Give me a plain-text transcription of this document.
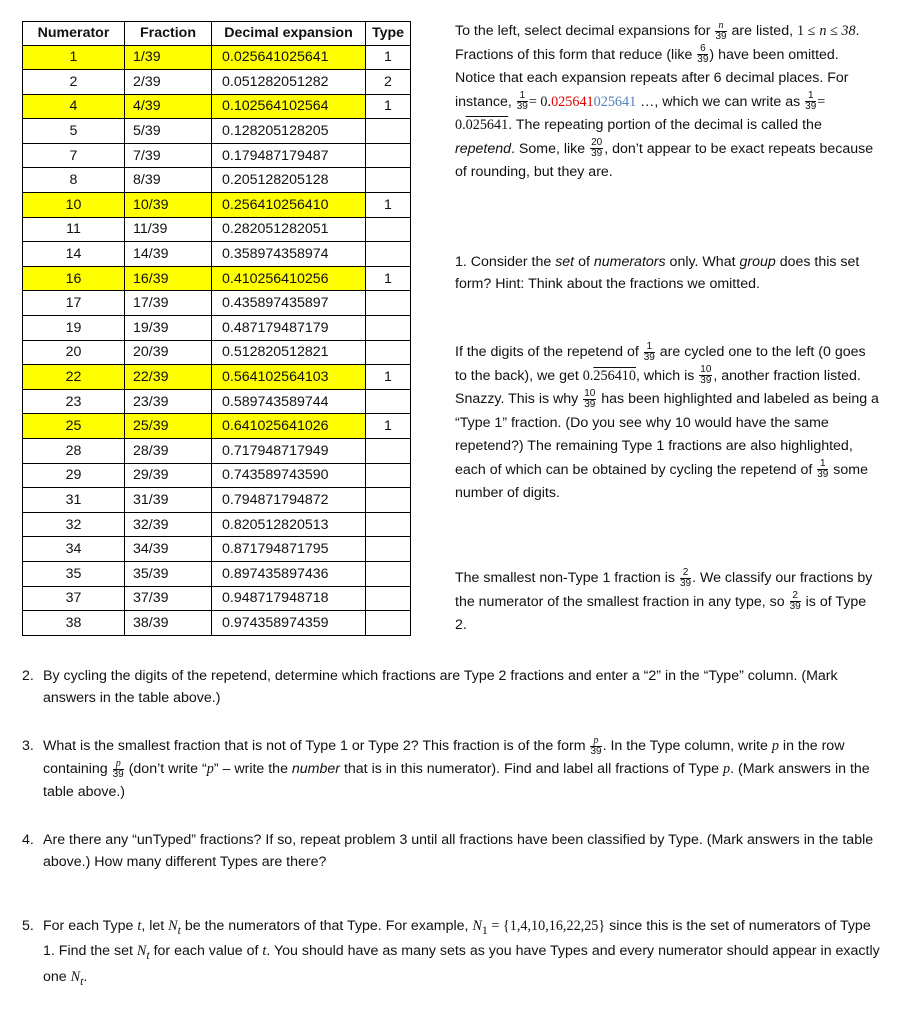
Numerator	Fraction	Decimal expansion	Type
1	1/39	0.025641025641	1
2	2/39	0.051282051282	2
4	4/39	0.102564102564	1
5	5/39	0.128205128205	
7	7/39	0.179487179487	
8	8/39	0.205128205128	
10	10/39	0.256410256410	1
11	11/39	0.282051282051	
14	14/39	0.358974358974	
16	16/39	0.410256410256	1
17	17/39	0.435897435897	
19	19/39	0.487179487179	
20	20/39	0.512820512821	
22	22/39	0.564102564103	1
23	23/39	0.589743589744	
25	25/39	0.641025641026	1
28	28/39	0.717948717949	
29	29/39	0.743589743590	
31	31/39	0.794871794872	
32	32/39	0.820512820513	
34	34/39	0.871794871795	
35	35/39	0.897435897436	
37	37/39	0.948717948718	
38	38/39	0.974358974359	

To the left, select decimal expansions for $\frac{n}{39}$ are listed, 1 ≤ n ≤ 38. Fractions of this form that reduce (like $\frac{6}{39}$ ) have been omitted. Notice that each expansion repeats after 6 decimal places. For instance, $\frac{1}{39} = 0.025641025641$ …, which we can write as $\frac{1}{39} = 0.025641$. The repeating portion of the decimal is called the repetend. Some, like $\frac{20}{39}$ , don’t appear to be exact repeats because of rounding, but they are.

1. Consider the set of numerators only. What group does this set form? Hint: Think about the fractions we omitted.

If the digits of the repetend of $\frac{1}{39}$ are cycled one to the left (0 goes to the back), we get 0.256410, which is $\frac{10}{39}$ , another fraction listed. Snazzy. This is why $\frac{10}{39}$ has been highlighted and labeled as being a “Type 1” fraction. (Do you see why 10 would have the same repetend?) The remaining Type 1 fractions are also highlighted, each of which can be obtained by cycling the repetend of $\frac{1}{39}$ some number of digits.

The smallest non-Type 1 fraction is $\frac{2}{39}$ . We classify our fractions by the numerator of the smallest fraction in any type, so $\frac{2}{39}$ is of Type 2.

2. By cycling the digits of the repetend, determine which fractions are Type 2 fractions and enter a “2” in the “Type” column. (Mark answers in the table above.)
3. What is the smallest fraction that is not of Type 1 or Type 2? This fraction is of the form $\frac{p}{39}$ . In the Type column, write p in the row containing $\frac{p}{39}$ (don’t write “p” – write the number that is in this numerator). Find and label all fractions of Type p. (Mark answers in the table above.)
4. Are there any “unTyped” fractions? If so, repeat problem 3 until all fractions have been classified by Type. (Mark answers in the table above.) How many different Types are there?
5. For each Type t, let $N_t$ be the numerators of that Type. For example, $N_1 = \{1,4,10,16,22,25\}$ since this is the set of numerators of Type 1. Find the set $N_t$ for each value of t. You should have as many sets as you have Types and every numerator should appear in exactly one $N_t$.
